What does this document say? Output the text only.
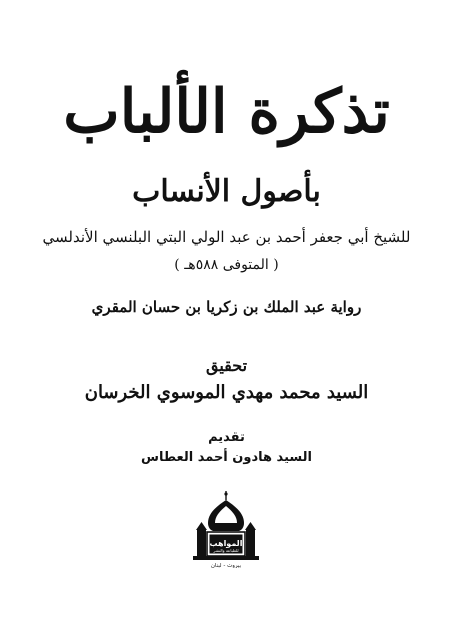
تذكرة الألباب
بأصول الأنساب
للشيخ أبي جعفر أحمد بن عبد الولي البتي البلنسي الأندلسي
( المتوفى ٥٨٨هـ )
رواية عبد الملك بن زكريا بن حسان المقري
تحقيق
السيد محمد مهدي الموسوي الخرسان
تقديم
السيد هادون أحمد العطاس
المواهب
للطباعة والنشر
بيروت - لبنان
